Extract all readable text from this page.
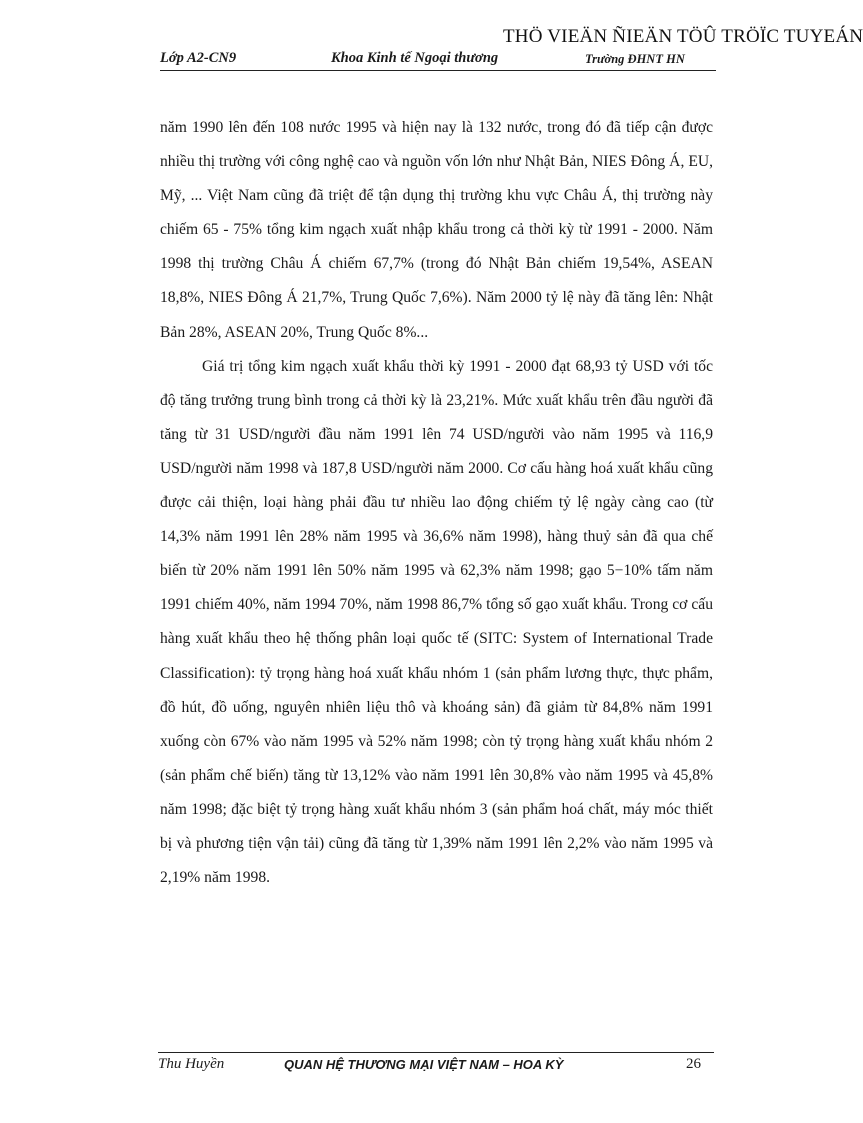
THÖ VIEÄN ÑIEÄN TÖÛ TRÖÏC TUYEÁN
Lớp A2-CN9	Khoa Kinh tế Ngoại thương	Trường ĐHNT HN

năm 1990 lên đến 108 nước 1995 và hiện nay là 132 nước, trong đó đã tiếp cận được nhiều thị trường với công nghệ cao và nguồn vốn lớn như Nhật Bản, NIES Đông Á, EU, Mỹ, ... Việt Nam cũng đã triệt để tận dụng thị trường khu vực Châu Á, thị trường này chiếm 65 - 75% tổng kim ngạch xuất nhập khẩu trong cả thời kỳ từ 1991 - 2000. Năm 1998 thị trường Châu Á chiếm 67,7% (trong đó Nhật Bản chiếm 19,54%, ASEAN 18,8%, NIES Đông Á 21,7%, Trung Quốc 7,6%). Năm 2000 tỷ lệ này đã tăng lên: Nhật Bản 28%, ASEAN 20%, Trung Quốc 8%...

Giá trị tổng kim ngạch xuất khẩu thời kỳ 1991 - 2000 đạt 68,93 tỷ USD với tốc độ tăng trưởng trung bình trong cả thời kỳ là 23,21%. Mức xuất khẩu trên đầu người đã tăng từ 31 USD/người đầu năm 1991 lên 74 USD/người vào năm 1995 và 116,9 USD/người năm 1998 và 187,8 USD/người năm 2000. Cơ cấu hàng hoá xuất khẩu cũng được cải thiện, loại hàng phải đầu tư nhiều lao động chiếm tỷ lệ ngày càng cao (từ 14,3% năm 1991 lên 28% năm 1995 và 36,6% năm 1998), hàng thuỷ sản đã qua chế biến từ 20% năm 1991 lên 50% năm 1995 và 62,3% năm 1998; gạo 5−10% tấm năm 1991 chiếm 40%, năm 1994 70%, năm 1998 86,7% tổng số gạo xuất khẩu. Trong cơ cấu hàng xuất khẩu theo hệ thống phân loại quốc tế (SITC: System of International Trade Classification): tỷ trọng hàng hoá xuất khẩu nhóm 1 (sản phẩm lương thực, thực phẩm, đồ hút, đồ uống, nguyên nhiên liệu thô và khoáng sản) đã giảm từ 84,8% năm 1991 xuống còn 67% vào năm 1995 và 52% năm 1998; còn tỷ trọng hàng xuất khẩu nhóm 2 (sản phẩm chế biến) tăng từ 13,12% vào năm 1991 lên 30,8% vào năm 1995 và 45,8% năm 1998; đặc biệt tỷ trọng hàng xuất khẩu nhóm 3 (sản phẩm hoá chất, máy móc thiết bị và phương tiện vận tải) cũng đã tăng từ 1,39% năm 1991 lên 2,2% vào năm 1995 và 2,19% năm 1998.

Thu Huyền	QUAN HỆ THƯƠNG MẠI VIỆT NAM – HOA KỲ	26
